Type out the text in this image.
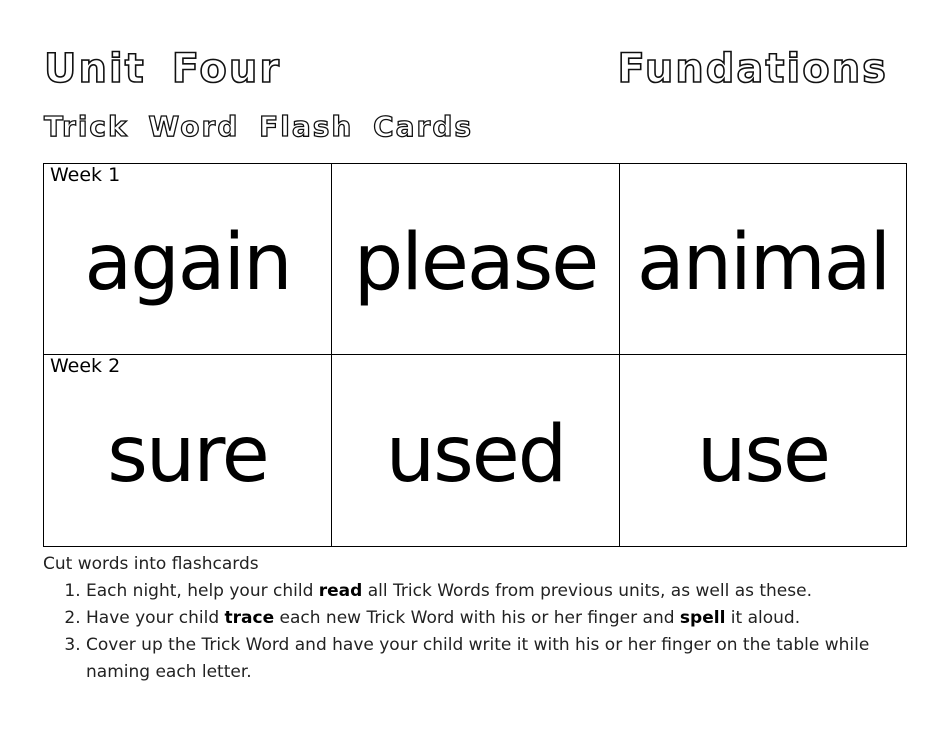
Unit Four	Fundations
Trick Word Flash Cards
Week 1
again please animal
Week 2
sure used use
Cut words into flashcards
1. Each night, help your child read all Trick Words from previous units, as well as these.
2. Have your child trace each new Trick Word with his or her finger and spell it aloud.
3. Cover up the Trick Word and have your child write it with his or her finger on the table while naming each letter.
